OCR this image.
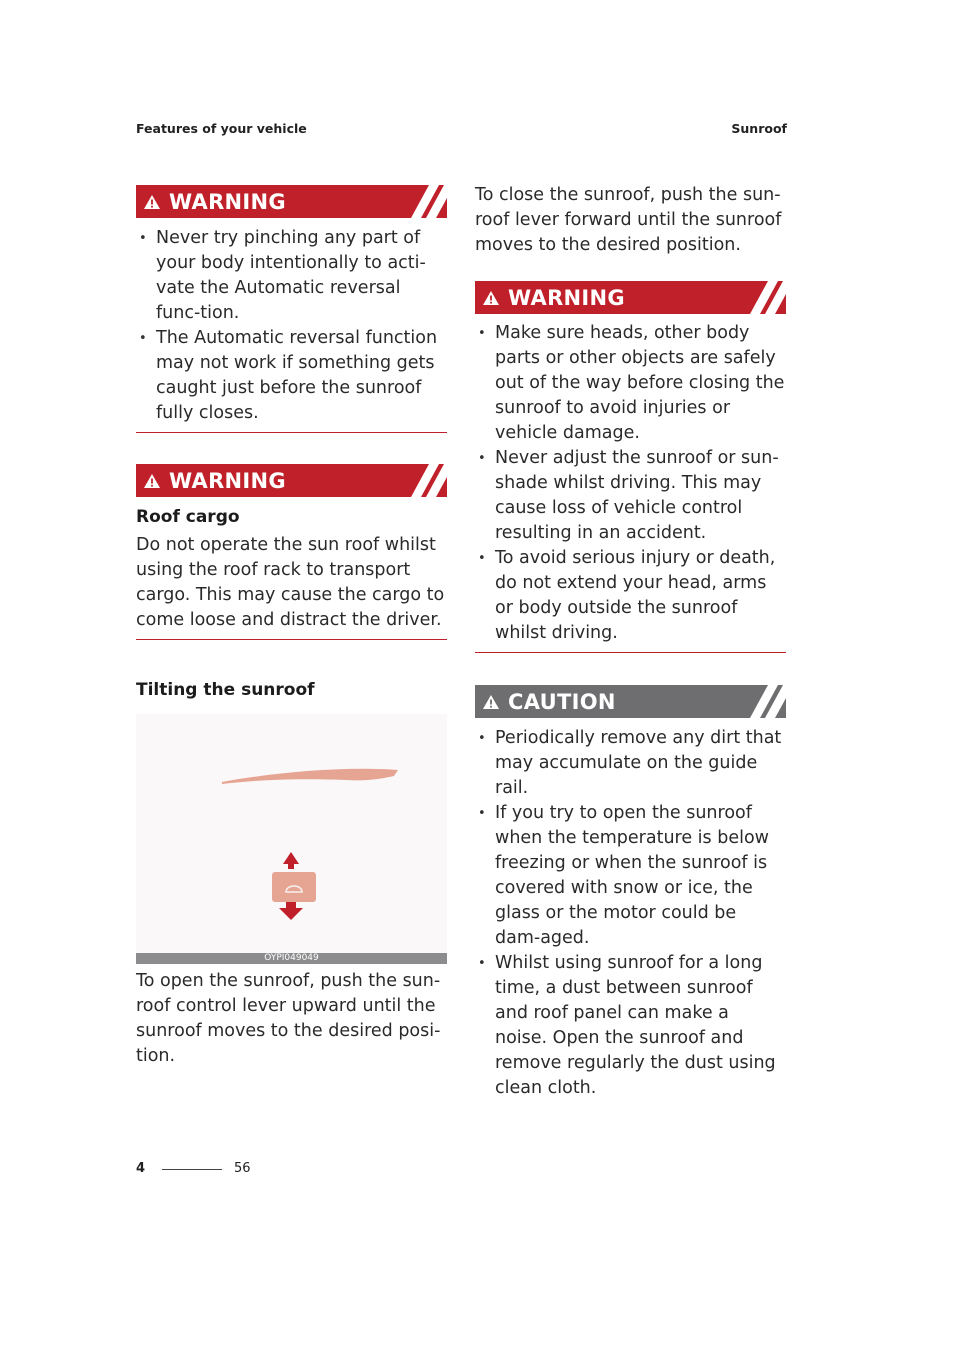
Features of your vehicle	Sunroof
WARNING
• Never try pinching any part of your body intentionally to acti-vate the Automatic reversal func-tion.
• The Automatic reversal function may not work if something gets caught just before the sunroof fully closes.
WARNING
Roof cargo
Do not operate the sun roof whilst using the roof rack to transport cargo. This may cause the cargo to come loose and distract the driver.
Tilting the sunroof
OYPI049049
To open the sunroof, push the sun-roof control lever upward until the sunroof moves to the desired posi-tion.
To close the sunroof, push the sun-roof lever forward until the sunroof moves to the desired position.
WARNING
• Make sure heads, other body parts or other objects are safely out of the way before closing the sunroof to avoid injuries or vehicle damage.
• Never adjust the sunroof or sun-shade whilst driving. This may cause loss of vehicle control resulting in an accident.
• To avoid serious injury or death, do not extend your head, arms or body outside the sunroof whilst driving.
CAUTION
• Periodically remove any dirt that may accumulate on the guide rail.
• If you try to open the sunroof when the temperature is below freezing or when the sunroof is covered with snow or ice, the glass or the motor could be dam-aged.
• Whilst using sunroof for a long time, a dust between sunroof and roof panel can make a noise. Open the sunroof and remove regularly the dust using clean cloth.
4	56
